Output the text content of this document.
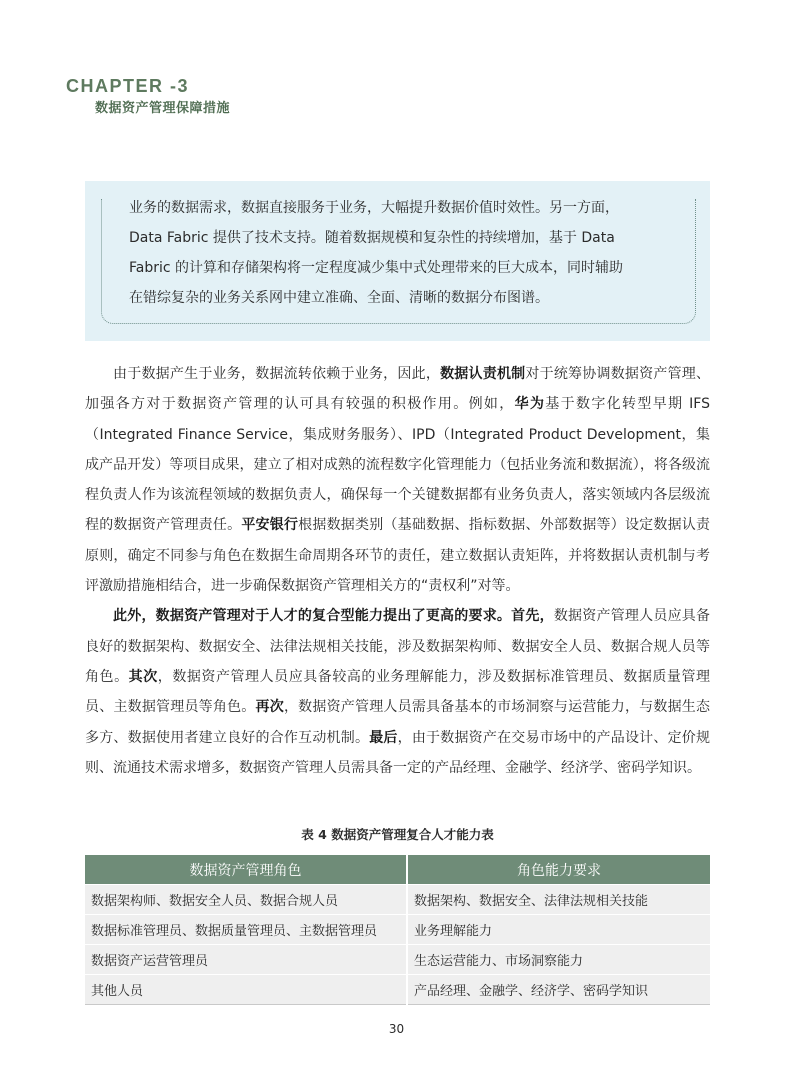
CHAPTER -3
数据资产管理保障措施

业务的数据需求，数据直接服务于业务，大幅提升数据价值时效性。另一方面，

Data Fabric 提供了技术支持。随着数据规模和复杂性的持续增加，基于 Data

Fabric 的计算和存储架构将一定程度减少集中式处理带来的巨大成本，同时辅助

在错综复杂的业务关系网中建立准确、全面、清晰的数据分布图谱。

由于数据产生于业务，数据流转依赖于业务，因此，数据认责机制对于统筹协调数据资产管理、加强各方对于数据资产管理的认可具有较强的积极作用。例如，华为基于数字化转型早期 IFS（Integrated Finance Service，集成财务服务）、IPD（Integrated Product Development，集成产品开发）等项目成果，建立了相对成熟的流程数字化管理能力（包括业务流和数据流），将各级流程负责人作为该流程领域的数据负责人，确保每一个关键数据都有业务负责人，落实领域内各层级流程的数据资产管理责任。平安银行根据数据类别（基础数据、指标数据、外部数据等）设定数据认责原则，确定不同参与角色在数据生命周期各环节的责任，建立数据认责矩阵，并将数据认责机制与考评激励措施相结合，进一步确保数据资产管理相关方的“责权利”对等。

此外，数据资产管理对于人才的复合型能力提出了更高的要求。首先，数据资产管理人员应具备良好的数据架构、数据安全、法律法规相关技能，涉及数据架构师、数据安全人员、数据合规人员等角色。其次，数据资产管理人员应具备较高的业务理解能力，涉及数据标准管理员、数据质量管理员、主数据管理员等角色。再次，数据资产管理人员需具备基本的市场洞察与运营能力，与数据生态多方、数据使用者建立良好的合作互动机制。最后，由于数据资产在交易市场中的产品设计、定价规则、流通技术需求增多，数据资产管理人员需具备一定的产品经理、金融学、经济学、密码学知识。

表 4 数据资产管理复合人才能力表
数据资产管理角色	角色能力要求
数据架构师、数据安全人员、数据合规人员	数据架构、数据安全、法律法规相关技能
数据标准管理员、数据质量管理员、主数据管理员	业务理解能力
数据资产运营管理员	生态运营能力、市场洞察能力
其他人员	产品经理、金融学、经济学、密码学知识
30
